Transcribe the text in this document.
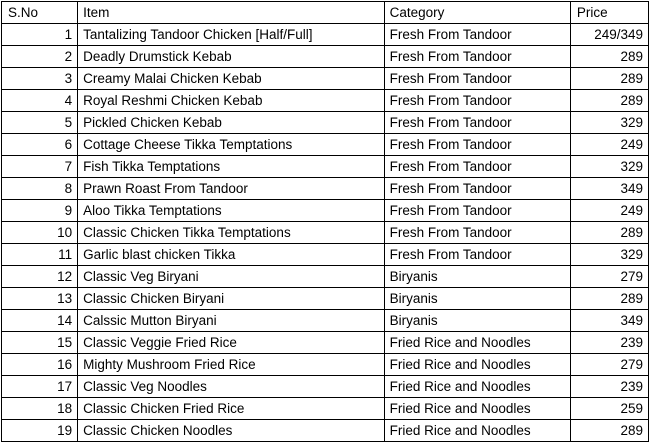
S.No	Item	Category	Price
1	Tantalizing Tandoor Chicken [Half/Full]	Fresh From Tandoor	249/349
2	Deadly Drumstick Kebab	Fresh From Tandoor	289
3	Creamy Malai Chicken Kebab	Fresh From Tandoor	289
4	Royal Reshmi Chicken Kebab	Fresh From Tandoor	289
5	Pickled Chicken Kebab	Fresh From Tandoor	329
6	Cottage Cheese Tikka Temptations	Fresh From Tandoor	249
7	Fish Tikka Temptations	Fresh From Tandoor	329
8	Prawn Roast From Tandoor	Fresh From Tandoor	349
9	Aloo Tikka Temptations	Fresh From Tandoor	249
10	Classic Chicken Tikka Temptations	Fresh From Tandoor	289
11	Garlic blast chicken Tikka	Fresh From Tandoor	329
12	Classic Veg Biryani	Biryanis	279
13	Classic Chicken Biryani	Biryanis	289
14	Calssic Mutton Biryani	Biryanis	349
15	Classic Veggie Fried Rice	Fried Rice and Noodles	239
16	Mighty Mushroom Fried Rice	Fried Rice and Noodles	279
17	Classic Veg Noodles	Fried Rice and Noodles	239
18	Classic Chicken Fried Rice	Fried Rice and Noodles	259
19	Classic Chicken Noodles	Fried Rice and Noodles	289
